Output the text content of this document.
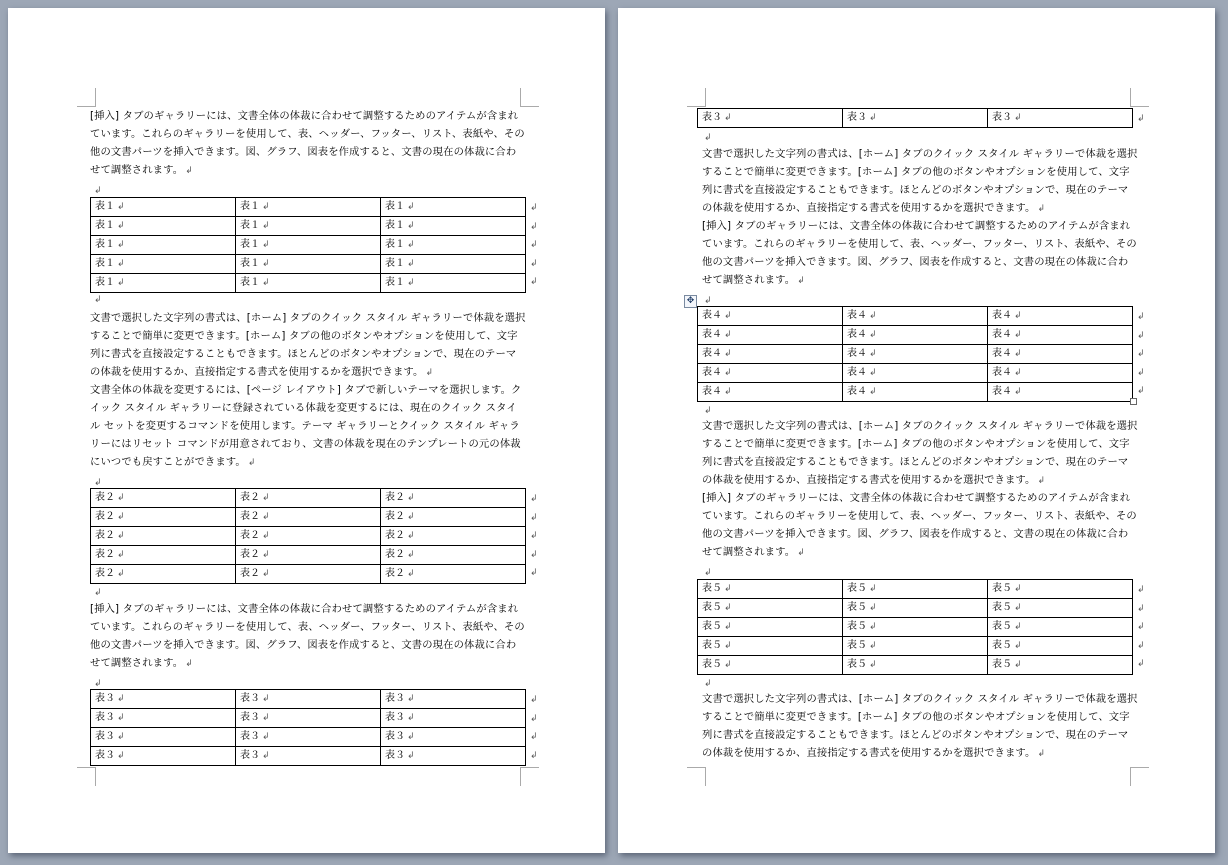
[挿入] タブのギャラリーには、文書全体の体裁に合わせて調整するためのアイテムが含まれています。これらのギャラリーを使用して、表、ヘッダー、フッター、リスト、表紙や、その他の文書パーツを挿入できます。図、グラフ、図表を作成すると、文書の現在の体裁に合わせて調整されます。 ↲
↲
表１ ↲	表１ ↲	表１ ↲
表１ ↲	表１ ↲	表１ ↲
表１ ↲	表１ ↲	表１ ↲
表１ ↲	表１ ↲	表１ ↲
表１ ↲	表１ ↲	表１ ↲
↲
文書で選択した文字列の書式は、[ホーム] タブのクイック スタイル ギャラリーで体裁を選択することで簡単に変更できます。[ホーム] タブの他のボタンやオプションを使用して、文字列に書式を直接設定することもできます。ほとんどのボタンやオプションで、現在のテーマの体裁を使用するか、直接指定する書式を使用するかを選択できます。 ↲
文書全体の体裁を変更するには、[ページ レイアウト] タブで新しいテーマを選択します。クイック スタイル ギャラリーに登録されている体裁を変更するには、現在のクイック スタイル セットを変更するコマンドを使用します。テーマ ギャラリーとクイック スタイル ギャラリーにはリセット コマンドが用意されており、文書の体裁を現在のテンプレートの元の体裁にいつでも戻すことができます。 ↲
↲
表２ ↲	表２ ↲	表２ ↲
表２ ↲	表２ ↲	表２ ↲
表２ ↲	表２ ↲	表２ ↲
表２ ↲	表２ ↲	表２ ↲
表２ ↲	表２ ↲	表２ ↲
↲
[挿入] タブのギャラリーには、文書全体の体裁に合わせて調整するためのアイテムが含まれています。これらのギャラリーを使用して、表、ヘッダー、フッター、リスト、表紙や、その他の文書パーツを挿入できます。図、グラフ、図表を作成すると、文書の現在の体裁に合わせて調整されます。 ↲
↲
表３ ↲	表３ ↲	表３ ↲
表３ ↲	表３ ↲	表３ ↲
表３ ↲	表３ ↲	表３ ↲
表３ ↲	表３ ↲	表３ ↲
↲
↲
↲
↲
↲
↲
↲
↲
↲
↲
↲
↲
↲
↲
表３ ↲	表３ ↲	表３ ↲
↲
文書で選択した文字列の書式は、[ホーム] タブのクイック スタイル ギャラリーで体裁を選択することで簡単に変更できます。[ホーム] タブの他のボタンやオプションを使用して、文字列に書式を直接設定することもできます。ほとんどのボタンやオプションで、現在のテーマの体裁を使用するか、直接指定する書式を使用するかを選択できます。 ↲
[挿入] タブのギャラリーには、文書全体の体裁に合わせて調整するためのアイテムが含まれています。これらのギャラリーを使用して、表、ヘッダー、フッター、リスト、表紙や、その他の文書パーツを挿入できます。図、グラフ、図表を作成すると、文書の現在の体裁に合わせて調整されます。 ↲
✥	↲
表４ ↲	表４ ↲	表４ ↲
表４ ↲	表４ ↲	表４ ↲
表４ ↲	表４ ↲	表４ ↲
表４ ↲	表４ ↲	表４ ↲
表４ ↲	表４ ↲	表４ ↲
↲
文書で選択した文字列の書式は、[ホーム] タブのクイック スタイル ギャラリーで体裁を選択することで簡単に変更できます。[ホーム] タブの他のボタンやオプションを使用して、文字列に書式を直接設定することもできます。ほとんどのボタンやオプションで、現在のテーマの体裁を使用するか、直接指定する書式を使用するかを選択できます。 ↲
[挿入] タブのギャラリーには、文書全体の体裁に合わせて調整するためのアイテムが含まれています。これらのギャラリーを使用して、表、ヘッダー、フッター、リスト、表紙や、その他の文書パーツを挿入できます。図、グラフ、図表を作成すると、文書の現在の体裁に合わせて調整されます。 ↲
↲
表５ ↲	表５ ↲	表５ ↲
表５ ↲	表５ ↲	表５ ↲
表５ ↲	表５ ↲	表５ ↲
表５ ↲	表５ ↲	表５ ↲
表５ ↲	表５ ↲	表５ ↲
↲
文書で選択した文字列の書式は、[ホーム] タブのクイック スタイル ギャラリーで体裁を選択することで簡単に変更できます。[ホーム] タブの他のボタンやオプションを使用して、文字列に書式を直接設定することもできます。ほとんどのボタンやオプションで、現在のテーマの体裁を使用するか、直接指定する書式を使用するかを選択できます。 ↲
↲
↲
↲
↲
↲
↲
↲
↲
↲
↲
↲
